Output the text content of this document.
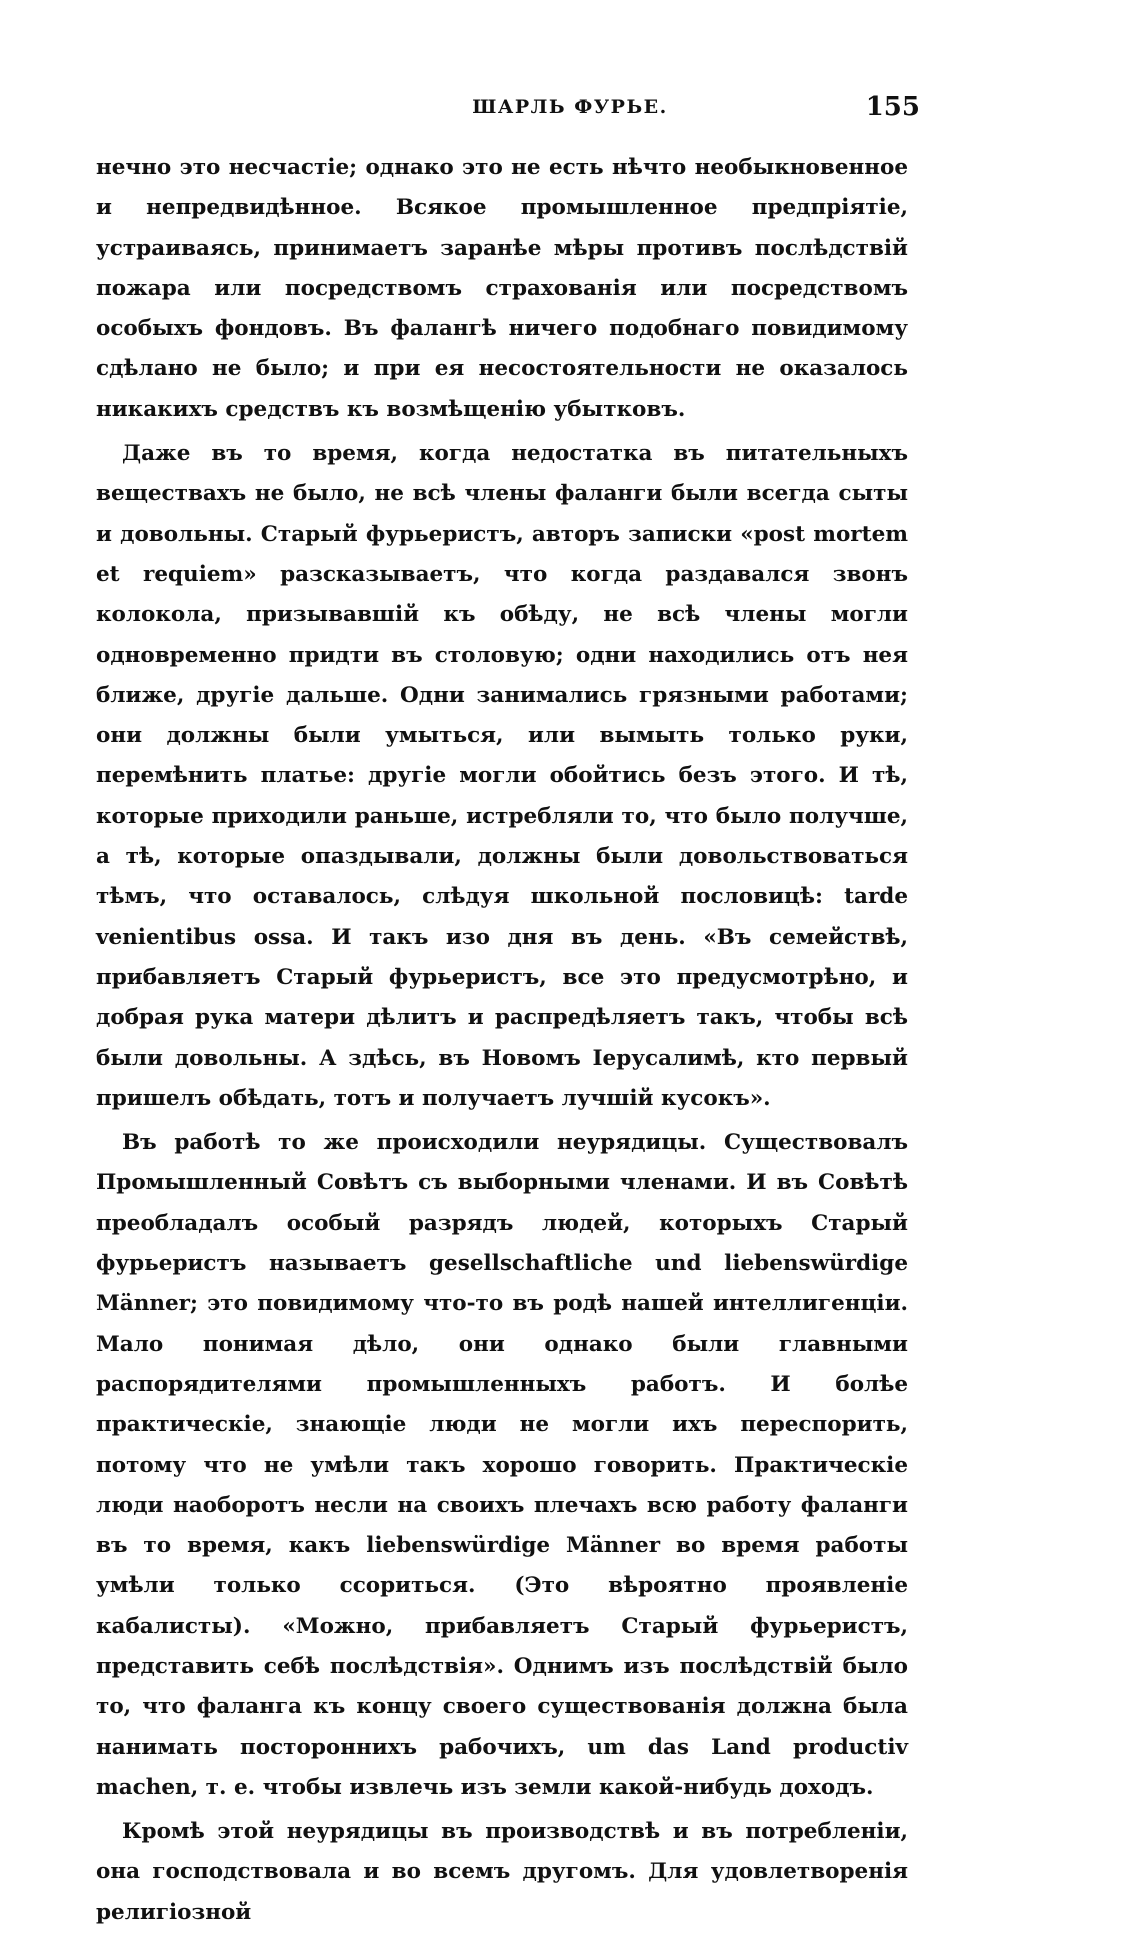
ШАРЛЬ ФУРЬЕ.	155

нечно это несчастіе; однако это не есть нѣчто необыкновенное и непредвидѣнное. Всякое промышленное предпріятіе, устраиваясь, принимаетъ заранѣе мѣры противъ послѣдствій пожара или посредствомъ страхованія или посредствомъ особыхъ фондовъ. Въ фалангѣ ничего подобнаго повидимому сдѣлано не было; и при ея несостоятельности не оказалось никакихъ средствъ къ возмѣщенію убытковъ.

Даже въ то время, когда недостатка въ питательныхъ веществахъ не было, не всѣ члены фаланги были всегда сыты и довольны. Старый фурьеристъ, авторъ записки «post mortem et requiem» разсказываетъ, что когда раздавался звонъ колокола, призывавшій къ обѣду, не всѣ члены могли одновременно придти въ столовую; одни находились отъ нея ближе, другіе дальше. Одни занимались грязными работами; они должны были умыться, или вымыть только руки, перемѣнить платье: другіе могли обойтись безъ этого. И тѣ, которые приходили раньше, истребляли то, что было получше, а тѣ, которые опаздывали, должны были довольствоваться тѣмъ, что оставалось, слѣдуя школьной пословицѣ: tarde venientibus ossa. И такъ изо дня въ день. «Въ семействѣ, прибавляетъ Старый фурьеристъ, все это предусмотрѣно, и добрая рука матери дѣлитъ и распредѣляетъ такъ, чтобы всѣ были довольны. А здѣсь, въ Новомъ Іерусалимѣ, кто первый пришелъ обѣдать, тотъ и получаетъ лучшій кусокъ».

Въ работѣ то же происходили неурядицы. Существовалъ Промышленный Совѣтъ съ выборными членами. И въ Совѣтѣ преобладалъ особый разрядъ людей, которыхъ Старый фурьеристъ называетъ gesellschaftliche und liebenswürdige Männer; это повидимому что-то въ родѣ нашей интеллигенціи. Мало понимая дѣло, они однако были главными распорядителями промышленныхъ работъ. И болѣе практическіе, знающіе люди не могли ихъ переспорить, потому что не умѣли такъ хорошо говорить. Практическіе люди наоборотъ несли на своихъ плечахъ всю работу фаланги въ то время, какъ liebenswürdige Männer во время работы умѣли только ссориться. (Это вѣроятно проявленіе кабалисты). «Можно, прибавляетъ Старый фурьеристъ, представить себѣ послѣдствія». Однимъ изъ послѣдствій было то, что фаланга къ концу своего существованія должна была нанимать постороннихъ рабочихъ, um das Land productiv machen, т. е. чтобы извлечь изъ земли какой-нибудь доходъ.

Кромѣ этой неурядицы въ производствѣ и въ потребленіи, она господствовала и во всемъ другомъ. Для удовлетворенія религіозной
